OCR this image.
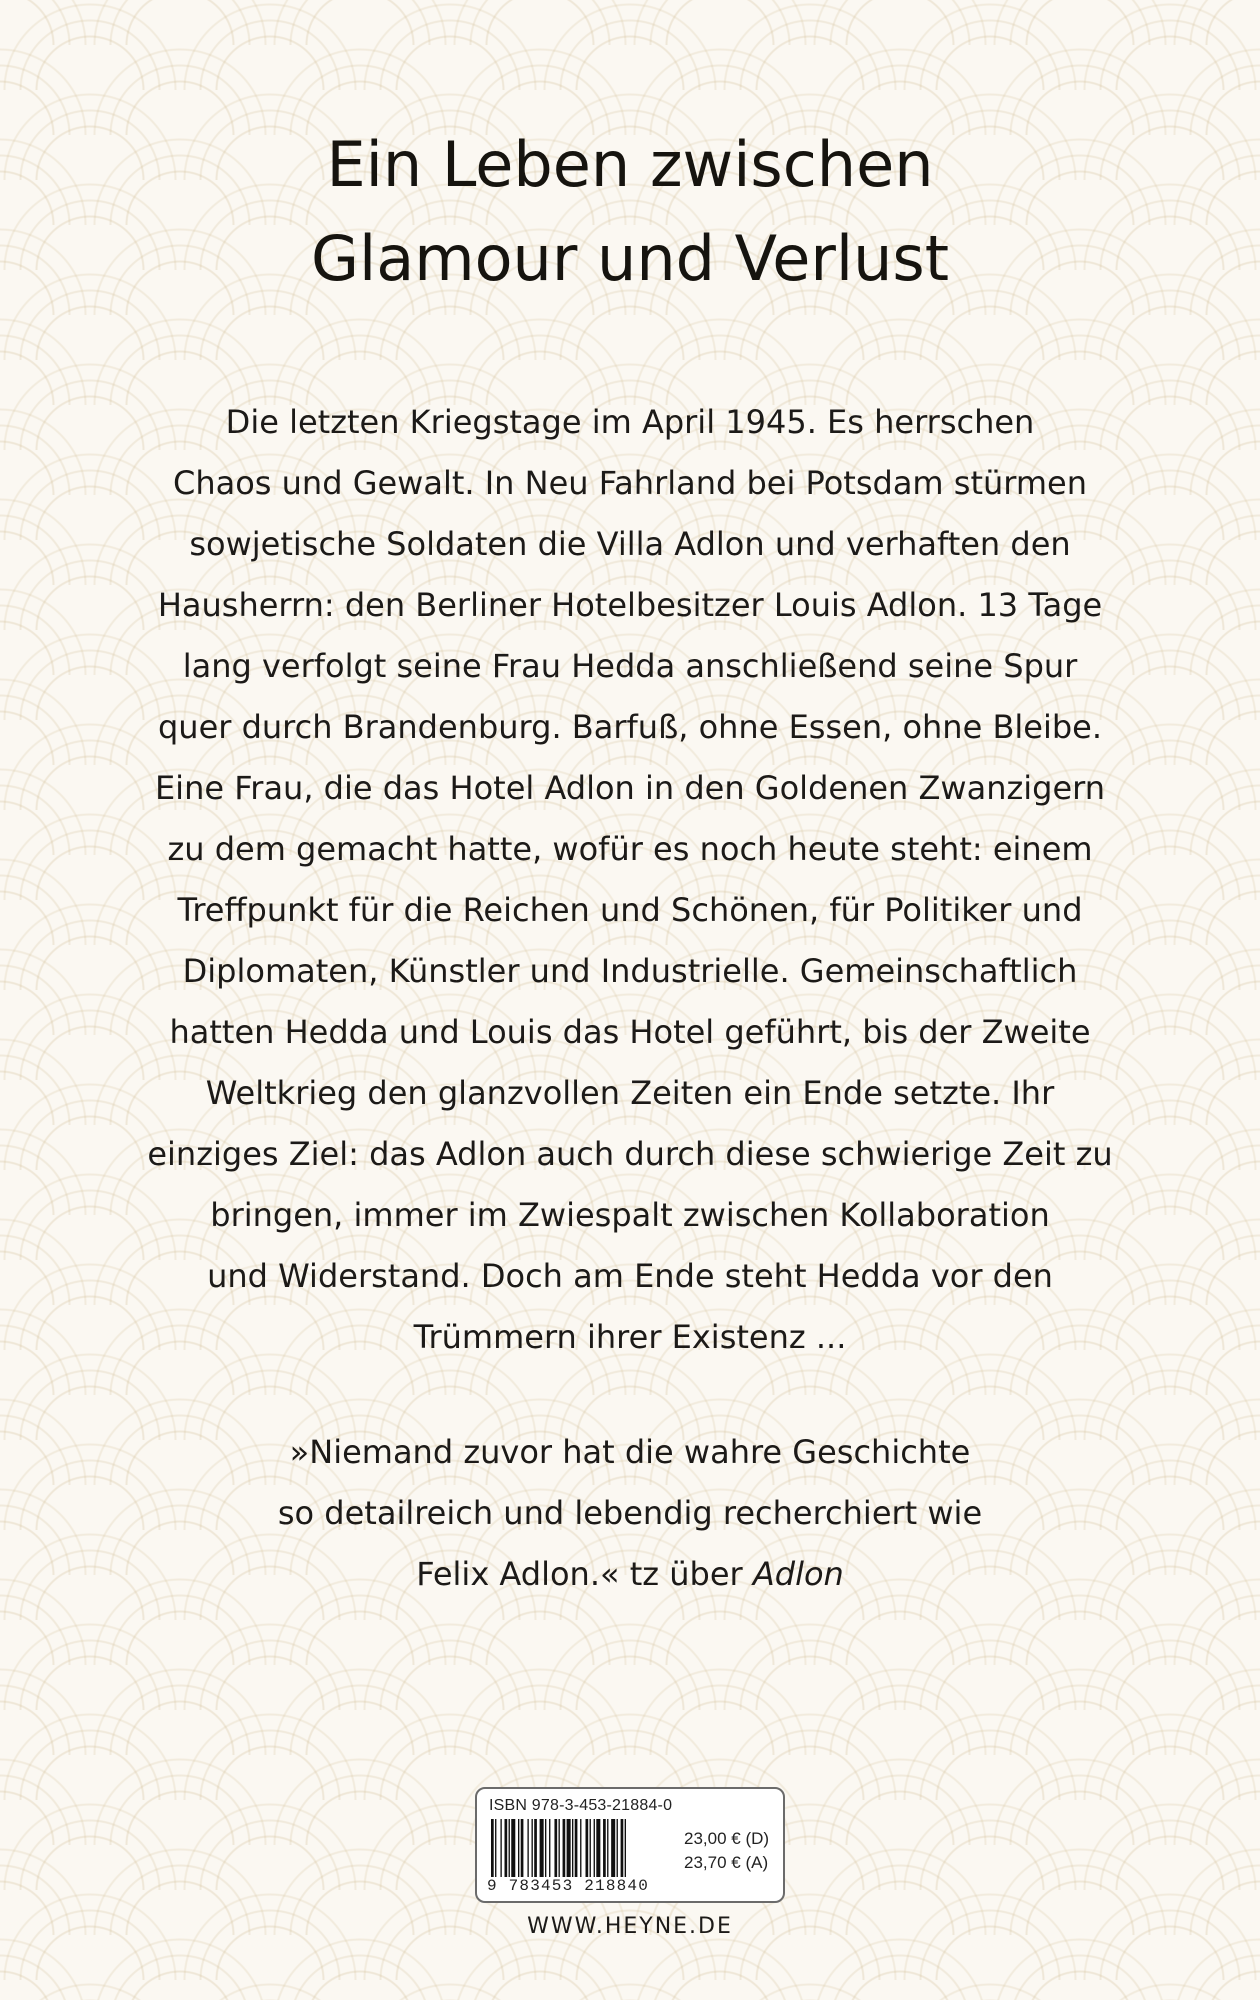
Ein Leben zwischen
Glamour und Verlust

Die letzten Kriegstage im April 1945. Es herrschen
Chaos und Gewalt. In Neu Fahrland bei Potsdam stürmen
sowjetische Soldaten die Villa Adlon und verhaften den
Hausherrn: den Berliner Hotelbesitzer Louis Adlon. 13 Tage
lang verfolgt seine Frau Hedda anschließend seine Spur
quer durch Brandenburg. Barfuß, ohne Essen, ohne Bleibe.
Eine Frau, die das Hotel Adlon in den Goldenen Zwanzigern
zu dem gemacht hatte, wofür es noch heute steht: einem
Treffpunkt für die Reichen und Schönen, für Politiker und
Diplomaten, Künstler und Industrielle. Gemeinschaftlich
hatten Hedda und Louis das Hotel geführt, bis der Zweite
Weltkrieg den glanzvollen Zeiten ein Ende setzte. Ihr
einziges Ziel: das Adlon auch durch diese schwierige Zeit zu
bringen, immer im Zwiespalt zwischen Kollaboration
und Widerstand. Doch am Ende steht Hedda vor den
Trümmern ihrer Existenz ...

»Niemand zuvor hat die wahre Geschichte
so detailreich und lebendig recherchiert wie
Felix Adlon.« tz über Adlon

ISBN 978-3-453-21884-0
9 783453 218840
23,00 € (D)
23,70 € (A)
WWW.HEYNE.DE
